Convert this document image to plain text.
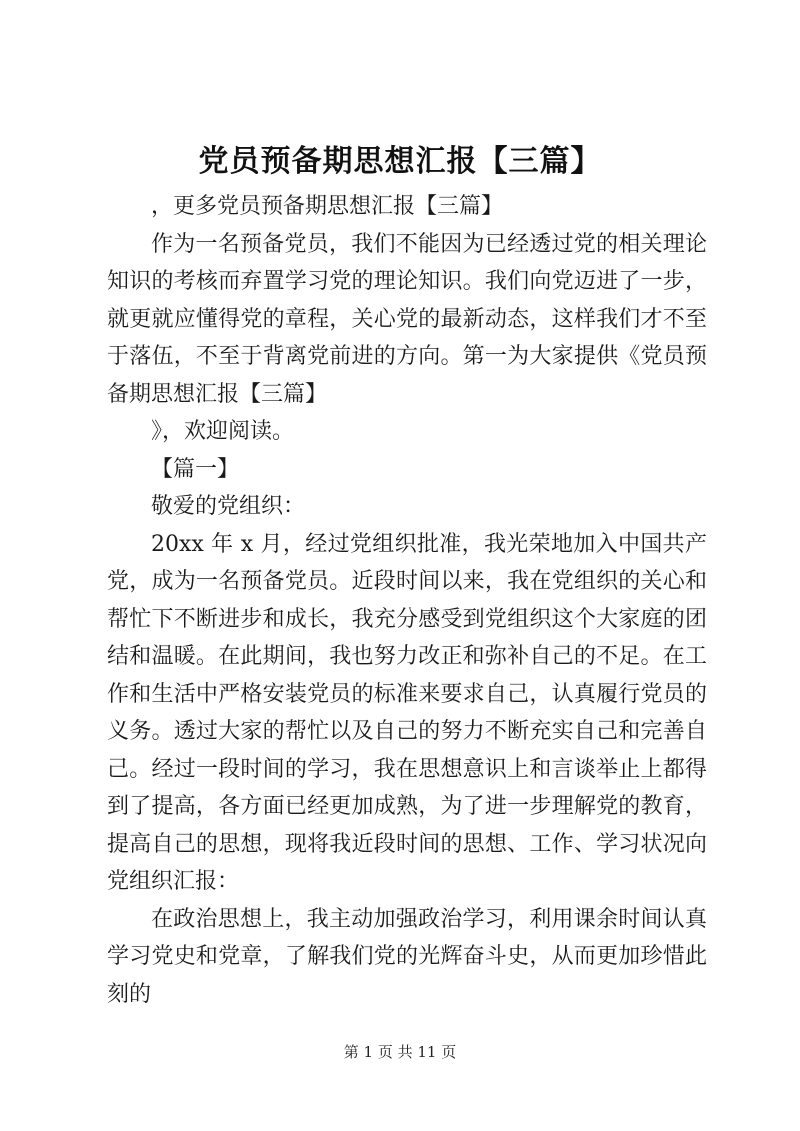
党员预备期思想汇报【三篇】

，更多党员预备期思想汇报【三篇】

作为一名预备党员，我们不能因为已经透过党的相关理论知识的考核而弃置学习党的理论知识。我们向党迈进了一步，就更就应懂得党的章程，关心党的最新动态，这样我们才不至于落伍，不至于背离党前进的方向。第一为大家提供《党员预备期思想汇报【三篇】

》，欢迎阅读。

【篇一】

敬爱的党组织：

20xx 年 x 月，经过党组织批准，我光荣地加入中国共产党，成为一名预备党员。近段时间以来，我在党组织的关心和帮忙下不断进步和成长，我充分感受到党组织这个大家庭的团结和温暖。在此期间，我也努力改正和弥补自己的不足。在工作和生活中严格安装党员的标准来要求自己，认真履行党员的义务。透过大家的帮忙以及自己的努力不断充实自己和完善自己。经过一段时间的学习，我在思想意识上和言谈举止上都得到了提高，各方面已经更加成熟，为了进一步理解党的教育，提高自己的思想，现将我近段时间的思想、工作、学习状况向党组织汇报：

在政治思想上，我主动加强政治学习，利用课余时间认真学习党史和党章，了解我们党的光辉奋斗史，从而更加珍惜此刻的

第 1 页 共 11 页
